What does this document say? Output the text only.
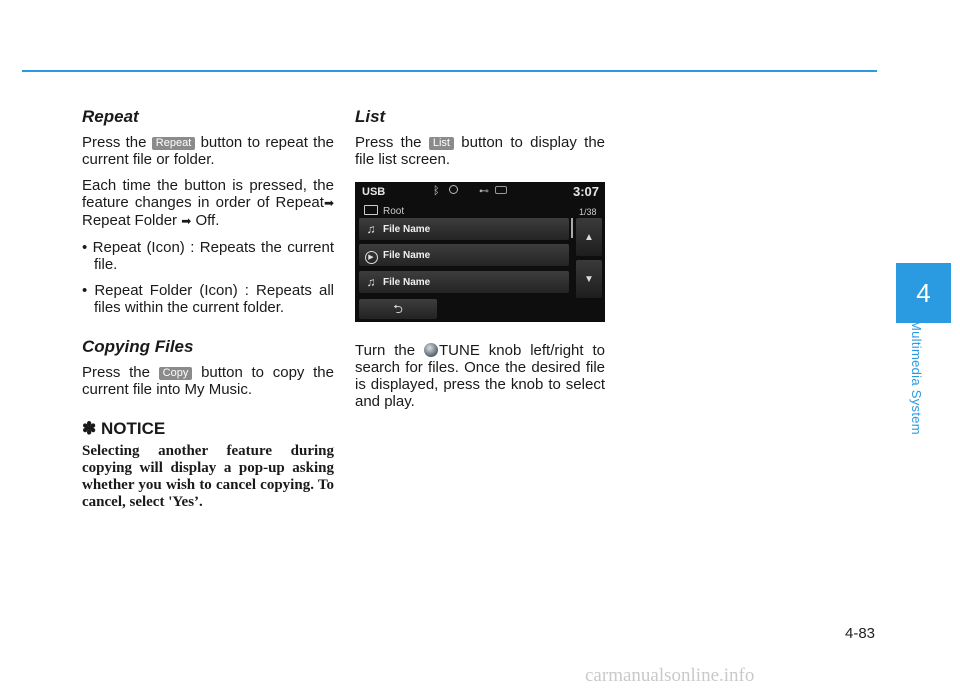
4
Multimedia System
Repeat

Press the Repeat button to repeat the current file or folder.

Each time the button is pressed, the feature changes in order of Repeat➡ Repeat Folder ➡ Off.

• Repeat (Icon) : Repeats the current file.
• Repeat Folder (Icon) : Repeats all files within the current folder.
Copying Files

Press the Copy button to copy the current file into My Music.

✽ NOTICE
Selecting another feature during copying will display a pop-up asking whether you wish to cancel copying. To cancel, select 'Yes’.
List

Press the List button to display the file list screen.

USB	ᛒ	⊷	3:07
Root	1/38
♫ File Name
▶ File Name
♫ File Name
▲
▼
⮌

Turn the TUNE knob left/right to search for files. Once the desired file is displayed, press the knob to select and play.

4-83
carmanualsonline.info
